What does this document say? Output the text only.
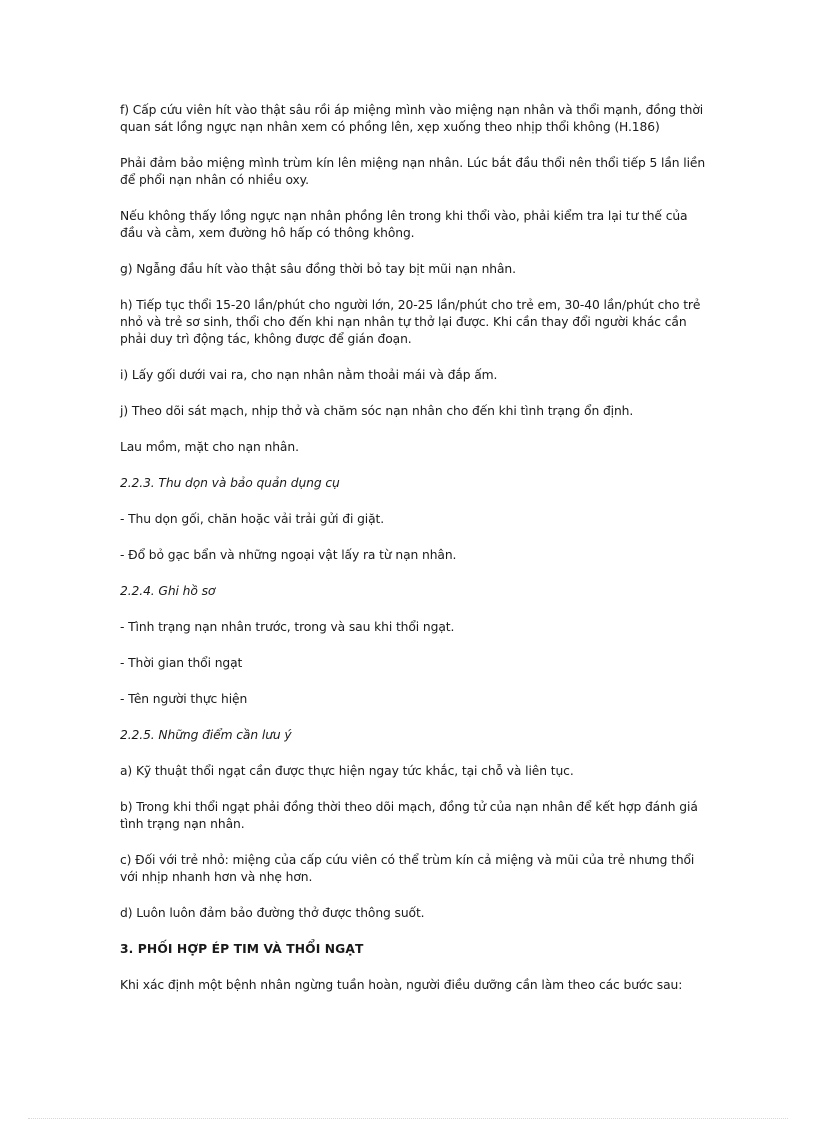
f) Cấp cứu viên hít vào thật sâu rồi áp miệng mình vào miệng nạn nhân và thổi mạnh, đồng thời quan sát lồng ngực nạn nhân xem có phồng lên, xẹp xuống theo nhịp thổi không (H.186)

Phải đảm bảo miệng mình trùm kín lên miệng nạn nhân. Lúc bắt đầu thổi nên thổi tiếp 5 lần liền để phổi nạn nhân có nhiều oxy.

Nếu không thấy lồng ngực nạn nhân phồng lên trong khi thổi vào, phải kiểm tra lại tư thế của đầu và cằm, xem đường hô hấp có thông không.

g) Ngẫng đầu hít vào thật sâu đồng thời bỏ tay bịt mũi nạn nhân.

h) Tiếp tục thổi 15-20 lần/phút cho người lớn, 20-25 lần/phút cho trẻ em, 30-40 lần/phút cho trẻ nhỏ và trẻ sơ sinh, thổi cho đến khi nạn nhân tự thở lại được. Khi cần thay đổi người khác cần phải duy trì động tác, không được để gián đoạn.

i) Lấy gối dưới vai ra, cho nạn nhân nằm thoải mái và đắp ấm.

j) Theo dõi sát mạch, nhịp thở và chăm sóc nạn nhân cho đến khi tình trạng ổn định.

Lau mồm, mặt cho nạn nhân.

2.2.3. Thu dọn và bảo quản dụng cụ

- Thu dọn gối, chăn hoặc vải trải gửi đi giặt.

- Đổ bỏ gạc bẩn và những ngoại vật lấy ra từ nạn nhân.

2.2.4. Ghi hồ sơ

- Tình trạng nạn nhân trước, trong và sau khi thổi ngạt.

- Thời gian thổi ngạt

- Tên người thực hiện

2.2.5. Những điểm cần lưu ý

a) Kỹ thuật thổi ngạt cần được thực hiện ngay tức khắc, tại chỗ và liên tục.

b) Trong khi thổi ngạt phải đồng thời theo dõi mạch, đồng tử của nạn nhân để kết hợp đánh giá tình trạng nạn nhân.

c) Đối với trẻ nhỏ: miệng của cấp cứu viên có thể trùm kín cả miệng và mũi của trẻ nhưng thổi với nhịp nhanh hơn và nhẹ hơn.

d) Luôn luôn đảm bảo đường thở được thông suốt.

3. PHỐI HỢP ÉP TIM VÀ THỔI NGẠT

Khi xác định một bệnh nhân ngừng tuần hoàn, người điều dưỡng cần làm theo các bước sau:
